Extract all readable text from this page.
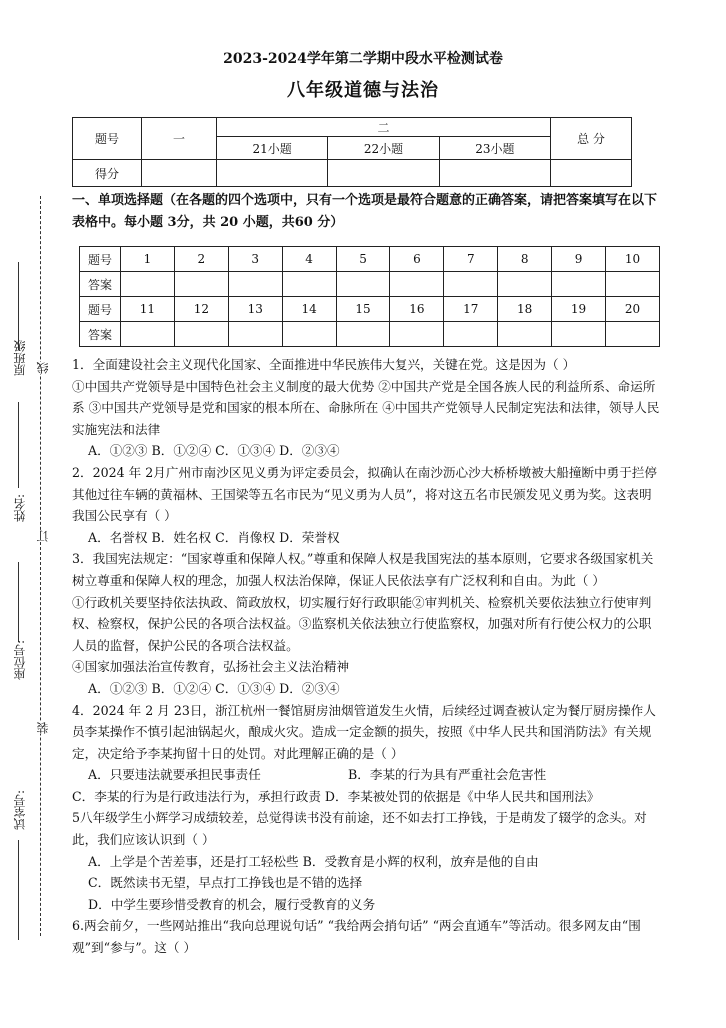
2023-2024学年第二学期中段水平检测试卷
八年级道德与法治
题号	一	二			总 分
		21小题	22小题	23小题	
得分					
一、单项选择题（在各题的四个选项中，只有一个选项是最符合题意的正确答案，请把答案填写在以下表格中。每小题 3分，共 20 小题，共60 分）
题号	1	2	3	4	5	6	7	8	9	10
答案										
题号	11	12	13	14	15	16	17	18	19	20
答案										
原班级 线
姓名:
订
座位号:
装
试室号:

1．全面建设社会主义现代化国家、全面推进中华民族伟大复兴，关键在党。这是因为（ ）

①中国共产党领导是中国特色社会主义制度的最大优势 ②中国共产党是全国各族人民的利益所系、命运所系 ③中国共产党领导是党和国家的根本所在、命脉所在 ④中国共产党领导人民制定宪法和法律，领导人民实施宪法和法律

A．①②③ B．①②④ C．①③④ D．②③④

2．2024 年 2月广州市南沙区见义勇为评定委员会，拟确认在南沙沥心沙大桥桥墩被大船撞断中勇于拦停其他过往车辆的黄福林、王国梁等五名市民为“见义勇为人员”，将对这五名市民颁发见义勇为奖。这表明我国公民享有（ ）

A．名誉权 B．姓名权 C．肖像权 D．荣誉权

3．我国宪法规定：“国家尊重和保障人权。”尊重和保障人权是我国宪法的基本原则，它要求各级国家机关树立尊重和保障人权的理念，加强人权法治保障，保证人民依法享有广泛权利和自由。为此（ ）

①行政机关要坚持依法执政、简政放权，切实履行好行政职能②审判机关、检察机关要依法独立行使审判权、检察权，保护公民的各项合法权益。③监察机关依法独立行使监察权，加强对所有行使公权力的公职人员的监督，保护公民的各项合法权益。

④国家加强法治宣传教育，弘扬社会主义法治精神

A．①②③ B．①②④ C．①③④ D．②③④

4．2024 年 2 月 23日，浙江杭州一餐馆厨房油烟管道发生火情，后续经过调查被认定为餐厅厨房操作人员李某操作不慎引起油锅起火，酿成火灾。造成一定金额的损失，按照《中华人民共和国消防法》有关规定，决定给予李某拘留十日的处罚。对此理解正确的是（ ）

A．只要违法就要承担民事责任	B．李某的行为具有严重社会危害性

C．李某的行为是行政违法行为，承担行政责 D．李某被处罚的依据是《中华人民共和国刑法》

5八年级学生小辉学习成绩较差，总觉得读书没有前途，还不如去打工挣钱，于是萌发了辍学的念头。对此，我们应该认识到（ ）

A．上学是个苦差事，还是打工轻松些 B．受教育是小辉的权利，放弃是他的自由

C．既然读书无望，早点打工挣钱也是不错的选择

D．中学生要珍惜受教育的机会，履行受教育的义务

6.两会前夕，一些网站推出“我向总理说句话” “我给两会捎句话” “两会直通车”等活动。很多网友由“围观”到“参与”。这（ ）
